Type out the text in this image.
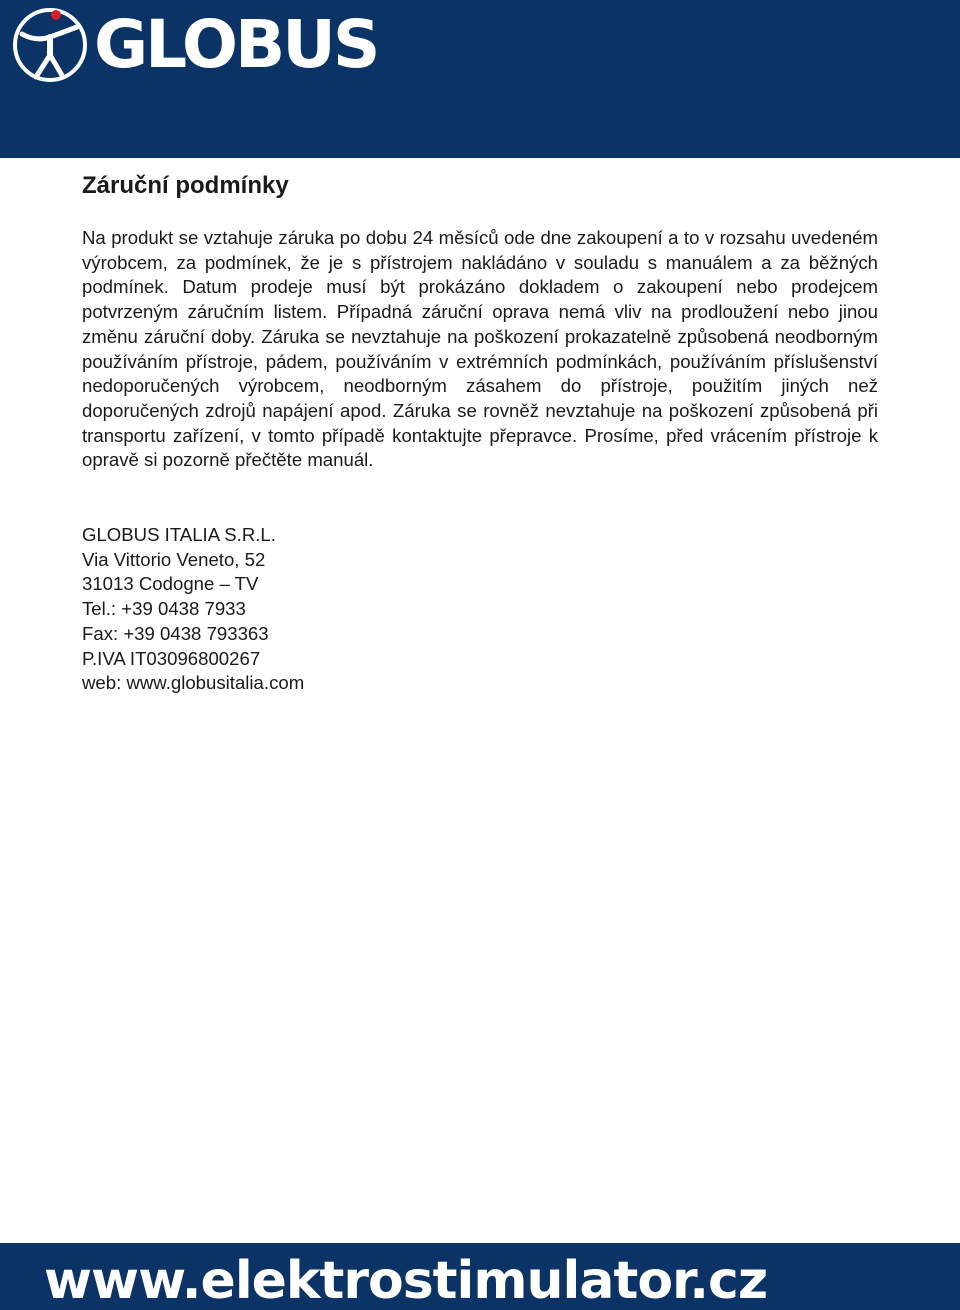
GLOBUS
Záruční podmínky

Na produkt se vztahuje záruka po dobu 24 měsíců ode dne zakoupení a to v rozsahu uvedeném výrobcem, za podmínek, že je s přístrojem nakládáno v souladu s manuálem a za běžných podmínek. Datum prodeje musí být prokázáno dokladem o zakoupení nebo prodejcem potvrzeným záručním listem. Případná záruční oprava nemá vliv na prodloužení nebo jinou změnu záruční doby. Záruka se nevztahuje na poškození prokazatelně způsobená neodborným používáním přístroje, pádem, používáním v extrémních podmínkách, používáním příslušenství nedoporučených výrobcem, neodborným zásahem do přístroje, použitím jiných než doporučených zdrojů napájení apod. Záruka se rovněž nevztahuje na poškození způsobená při transportu zařízení, v tomto případě kontaktujte přepravce. Prosíme, před vrácením přístroje k opravě si pozorně přečtěte manuál.

GLOBUS ITALIA S.R.L.
Via Vittorio Veneto, 52
31013 Codogne – TV
Tel.: +39 0438 7933
Fax: +39 0438 793363
P.IVA IT03096800267
web: www.globusitalia.com
www.elektrostimulator.cz
